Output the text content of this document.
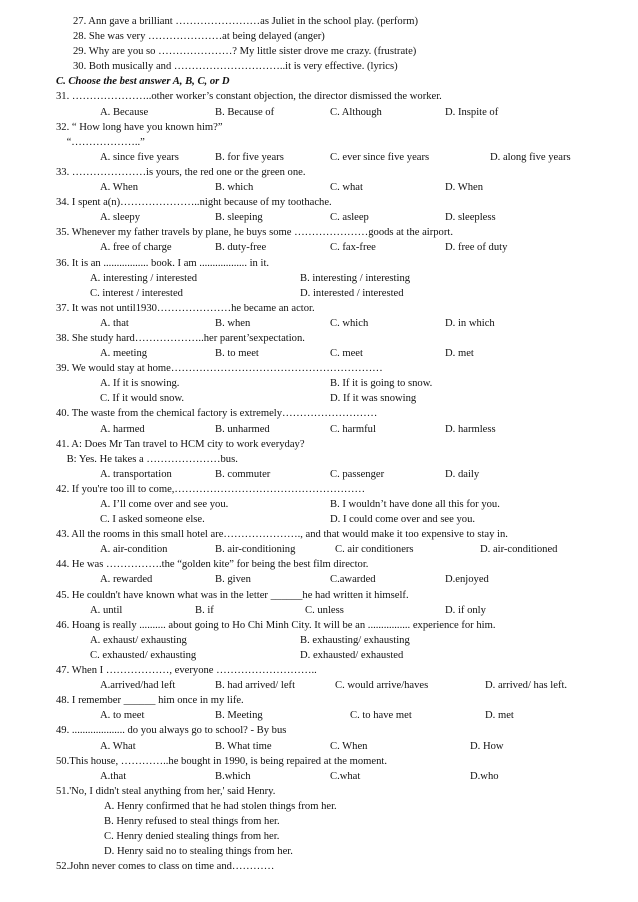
27. Ann gave a brilliant ……………………as Juliet in the school play. (perform)
28. She was very …………………at being delayed (anger)
29. Why are you so …………………? My little sister drove me crazy. (frustrate)
30. Both musically and …………………………..it is very effective. (lyrics)
C. Choose the best answer A, B, C, or D
31. …………………..other worker’s constant objection, the director dismissed the worker.
A. Because	B. Because of	C. Although	D. Inspite of
32. “ How long have you known him?”
“………………..”
A. since five years	B. for five years	C. ever since five years	D. along five years
33. …………………is yours, the red one or the green one.
A. When	B. which	C. what	D. When
34. I spent a(n)…………………..night because of my toothache.
A. sleepy	B. sleeping	C. asleep	D. sleepless
35. Whenever my father travels by plane, he buys some …………………goods at the airport.
A. free of charge	B. duty-free	C. fax-free	D. free of duty
36. It is an ................. book. I am .................. in it.
A. interesting / interested	B. interesting / interesting
C. interest / interested	D. interested / interested
37. It was not until1930…………………he became an actor.
A. that	B. when	C. which	D. in which
38. She study hard………………..her parent’sexpectation.
A. meeting	B. to meet	C. meet	D. met
39. We would stay at home……………………………………………………
A. If it is snowing.	B. If it is going to snow.
C. If it would snow.	D. If it was snowing
40. The waste from the chemical factory is extremely………………………
A. harmed	B. unharmed	C. harmful	D. harmless
41. A: Does Mr Tan travel to HCM city to work everyday?
B: Yes. He takes a …………………bus.
A. transportation	B. commuter	C. passenger	D. daily
42. If you're too ill to come,………………………………………………
A. I’ll come over and see you.	B. I wouldn’t have done all this for you.
C. I asked someone else.	D. I could come over and see you.
43. All the rooms in this small hotel are…………………., and that would make it too expensive to stay in.
A. air-condition	B. air-conditioning	C. air conditioners	D. air-conditioned
44. He was …………….the “golden kite” for being the best film director.
A. rewarded	B. given	C.awarded	D.enjoyed
45. He couldn't have known what was in the letter ______he had written it himself.
A. until	B. if	C. unless	D. if only
46. Hoang is really .......... about going to Ho Chi Minh City. It will be an ................ experience for him.
A. exhaust/ exhausting	B. exhausting/ exhausting
C. exhausted/ exhausting	D. exhausted/ exhausted
47. When I ………………, everyone ………………………..
A.arrived/had left	B. had arrived/ left	C. would arrive/haves	D. arrived/ has left.
48. I remember ______ him once in my life.
A. to meet	B. Meeting	C. to have met	D. met
49. .................... do you always go to school? - By bus
A. What	B. What time	C. When	D. How
50.This house, …………..he bought in 1990, is being repaired at the moment.
A.that	B.which	C.what	D.who
51.'No, I didn't steal anything from her,' said Henry.
A. Henry confirmed that he had stolen things from her.
B. Henry refused to steal things from her.
C. Henry denied stealing things from her.
D. Henry said no to stealing things from her.
52.John never comes to class on time and…………
